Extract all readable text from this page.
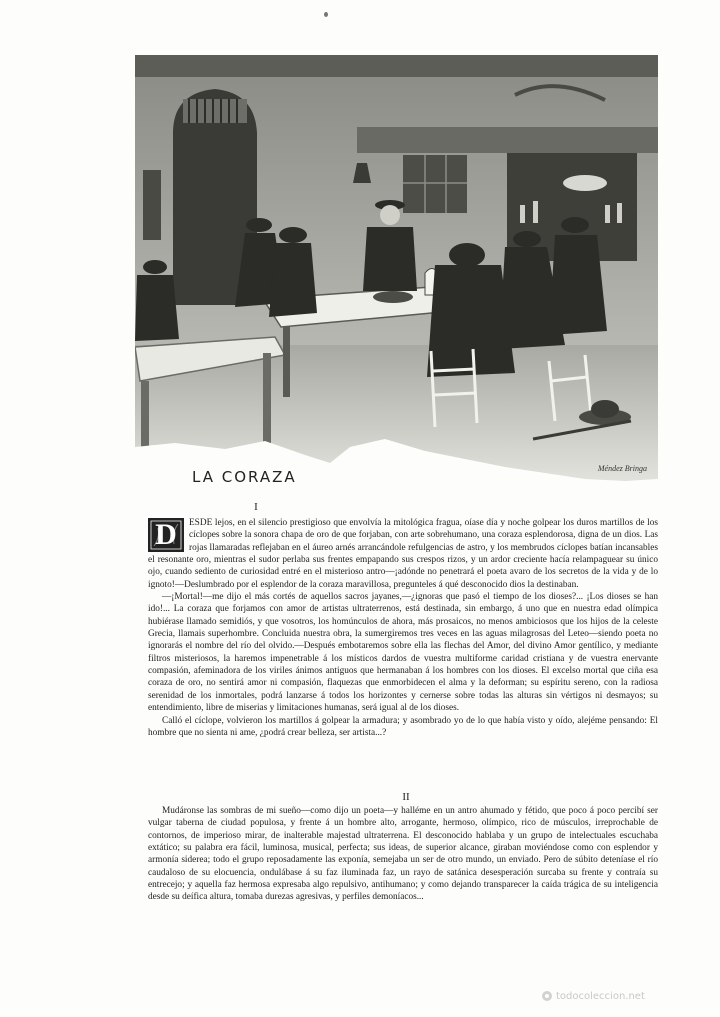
Méndez Bringa
LA CORAZA
I

D	ESDE lejos, en el silencio prestigioso que envolvía la mitológica fragua, oíase día y noche golpear los duros martillos de los cíclopes sobre la sonora chapa de oro de que forjaban, con arte sobrehumano, una coraza esplendorosa, digna de un dios. Las rojas llamaradas reflejaban en el áureo arnés arrancándole refulgencias de astro, y los membrudos cíclopes batían incansables el resonante oro, mientras el sudor perlaba sus frentes empapando sus crespos rizos, y un ardor creciente hacía relampaguear su único ojo, cuando sediento de curiosidad entré en el misterioso antro—¡adónde no penetrará el poeta avaro de los secretos de la vida y de lo ignoto!—Deslumbrado por el esplendor de la coraza maravillosa, pregunteles á qué desconocido dios la destinaban.

—¡Mortal!—me dijo el más cortés de aquellos sacros jayanes,—¿ignoras que pasó el tiempo de los dioses?... ¡Los dioses se han ido!... La coraza que forjamos con amor de artistas ultraterrenos, está destinada, sin embargo, á uno que en nuestra edad olímpica hubiérase llamado semidiós, y que vosotros, los homúnculos de ahora, más prosaicos, no menos ambiciosos que los hijos de la celeste Grecia, llamais superhombre. Concluida nuestra obra, la sumergiremos tres veces en las aguas milagrosas del Leteo—siendo poeta no ignorarás el nombre del río del olvido.—Después embotaremos sobre ella las flechas del Amor, del divino Amor gentílico, y mediante filtros misteriosos, la haremos impenetrable á los místicos dardos de vuestra multiforme caridad cristiana y de vuestra enervante compasión, afeminadora de los viriles ánimos antiguos que hermanaban á los hombres con los dioses. El excelso mortal que ciña esa coraza de oro, no sentirá amor ni compasión, flaquezas que enmorbidecen el alma y la deforman; su espíritu sereno, con la radiosa serenidad de los inmortales, podrá lanzarse á todos los horizontes y cernerse sobre todas las alturas sin vértigos ni desmayos; su entendimiento, libre de miserias y limitaciones humanas, será igual al de los dioses.

Calló el cíclope, volvieron los martillos á golpear la armadura; y asombrado yo de lo que había visto y oído, alejéme pensando: El hombre que no sienta ni ame, ¿podrá crear belleza, ser artista...?

II

Mudáronse las sombras de mi sueño—como dijo un poeta—y halléme en un antro ahumado y fétido, que poco á poco percibí ser vulgar taberna de ciudad populosa, y frente á un hombre alto, arrogante, hermoso, olímpico, rico de músculos, irreprochable de contornos, de imperioso mirar, de inalterable majestad ultraterrena. El desconocido hablaba y un grupo de intelectuales escuchaba extático; su palabra era fácil, luminosa, musical, perfecta; sus ideas, de superior alcance, giraban moviéndose como con esplendor y armonía siderea; todo el grupo reposadamente las exponía, semejaba un ser de otro mundo, un enviado. Pero de súbito deteníase el río caudaloso de su elocuencia, ondulábase á su faz iluminada faz, un rayo de satánica desesperación surcaba su frente y contraía su entrecejo; y aquella faz hermosa expresaba algo repulsivo, antihumano; y como dejando transparecer la caída trágica de su inteligencia desde su deífica altura, tomaba durezas agresivas, y perfiles demoníacos...

todocoleccion.net
